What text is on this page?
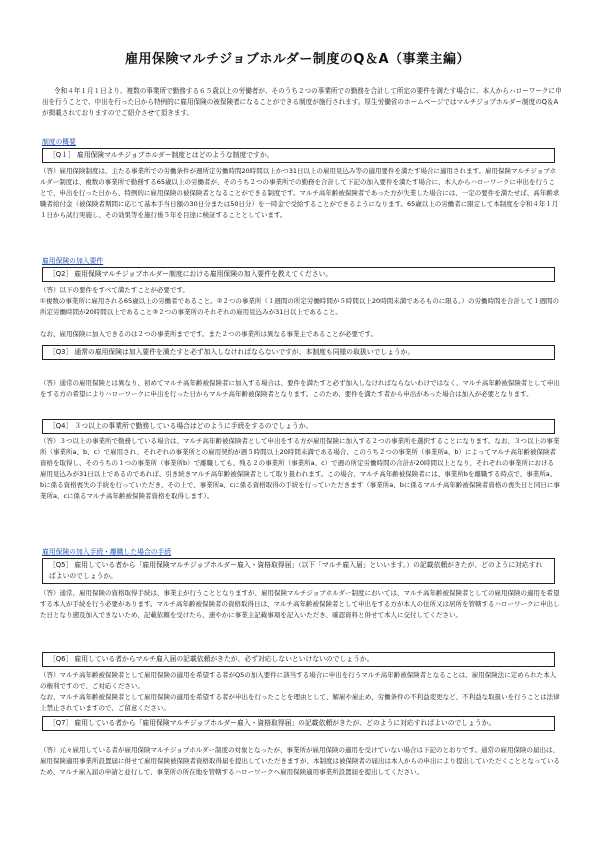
雇用保険マルチジョブホルダー制度のQ＆A（事業主編）

令和４年１月１日より、複数の事業所で勤務する６５歳以上の労働者が、そのうち２つの事業所での勤務を合計して所定の要件を満たす場合に、本人からハローワークに申出を行うことで、申出を行った日から特例的に雇用保険の被保険者になることができる制度が施行されます。厚生労働省のホームページではマルチジョブホルダー制度のQ＆Aが掲載されておりますのでご紹介させて頂きます。

制度の概要
［Q１］ 雇用保険マルチジョブホルダー制度とはどのような制度ですか。

（答）雇用保険制度は、主たる事業所での労働条件が週所定労働時間20時間以上かつ31日以上の雇用見込み等の適用要件を満たす場合に適用されます。雇用保険マルチジョブホルダー制度は、複数の事業所で勤務する65歳以上の労働者が、そのうち２つの事業所での勤務を合計して下記の加入要件を満たす場合に、本人からハローワークに申出を行うことで、申出を行った日から、特例的に雇用保険の被保険者となることができる制度です。マルチ高年齢被保険者であった方が失業した場合には、一定の要件を満たせば、高年齢求職者給付金（被保険者期間に応じて基本手当日額の30日分または50日分）を一時金で受給することができるようになります。65歳以上の労働者に限定して本制度を令和４年１月１日から試行実施し、その効果等を施行後５年を目途に検証することとしています。

雇用保険の加入要件
［Q2］ 雇用保険マルチジョブホルダー制度における雇用保険の加入要件を教えてください。

（答）以下の要件をすべて満たすことが必要です。

①複数の事業所に雇用される65歳以上の労働者であること。②２つの事業所（１週間の所定労働時間が５時間以上20時間未満であるものに限る。）の労働時間を合計して１週間の所定労働時間が20時間以上であること③２つの事業所のそれぞれの雇用見込みが31日以上であること。

なお、雇用保険に加入できるのは２つの事業所までです。また２つの事業所は異なる事業主であることが必要です。

［Q3］ 通常の雇用保険は加入要件を満たすと必ず加入しなければならないですが、本制度も同様の取扱いでしょうか。

（答）通常の雇用保険とは異なり、初めてマルチ高年齢被保険者に加入する場合は、要件を満たすと必ず加入しなければならないわけではなく、マルチ高年齢被保険者として申出をする方の希望によりハローワークに申出を行った日からマルチ高年齢被保険者となります。このため、要件を満たす者から申出があった場合は加入が必要となります。

［Q4］ ３つ以上の事業所で勤務している場合はどのように手続をするのでしょうか。

（答）３つ以上の事業所で勤務している場合は、マルチ高年齢被保険者として申出をする方が雇用保険に加入する２つの事業所を選択することになります。なお、３つ以上の事業所（事業所a、b、c）で雇用され、それぞれの事業所との雇用契約が週５時間以上20時間未満である場合、このうち２つの事業所（事業所a、b）によってマルチ高年齢被保険者資格を取得し、そのうちの１つの事業所（事業所b）で離職しても、残る２の事業所（事業所a、c）で週の所定労働時間の合計が20時間以上となり、それぞれの事業所における雇用見込みが31日以上であるのであれば、引き続きマルチ高年齢被保険者として取り扱われます。この場合、マルチ高年齢被保険者には、事業所bを離職する時点で、事業所a、bに係る資格喪失の手続を行っていただき、その上で、事業所a、cに係る資格取得の手続を行っていただきます（事業所a、bに係るマルチ高年齢被保険者資格の喪失日と同日に事業所a、cに係るマルチ高年齢被保険者資格を取得します）。

雇用保険の加入手続・離職した場合の手続
［Q5］ 雇用している者から「雇用保険マルチジョブホルダー雇入・資格取得届」（以下「マルチ雇入届」といいます。）の記載依頼がきたが、どのように対応すればよいのでしょうか。

（答）通常、雇用保険の資格取得手続は、事業主が行うこととなりますが、雇用保険マルチジョブホルダー制度においては、マルチ高年齢被保険者としての雇用保険の適用を希望する本人が手続を行う必要があります。マルチ高年齢被保険者の資格取得日は、マルチ高年齢被保険者として申出をする方が本人の住所又は居所を管轄するハローワークに申出した日となり遡及加入できないため、記載依頼を受けたら、速やかに事業主記載事項を記入いただき、確認資料と併せて本人に交付してください。

［Q6］ 雇用している者からマルチ雇入届の記載依頼がきたが、必ず対応しないといけないのでしょうか。

（答）マルチ高年齢被保険者として雇用保険の適用を希望する者がQ5の加入要件に該当する場合に申出を行うマルチ高年齢被保険者となることは、雇用保険法に定められた本人の権利ですので、ご対応ください。

なお、マルチ高年齢被保険者として雇用保険の適用を希望する者が申出を行ったことを理由として、解雇や雇止め、労働条件の不利益変更など、不利益な取扱いを行うことは法律上禁止されていますので、ご留意ください。

［Q7］ 雇用している者から「雇用保険マルチジョブホルダー雇入・資格取得届」の記載依頼がきたが、どのように対応すればよいのでしょうか。

（答）元々雇用している者が雇用保険マルチジョブホルダー制度の対象となったが、事業所が雇用保険の適用を受けていない場合は下記のとおりです。通常の雇用保険の届出は、雇用保険適用事業所設置届に併せて雇用保険被保険者資格取得届を提出していただきますが、本制度は被保険者の届出は本人からの申出により提出していただくこととなっているため、マルチ雇入届の申請と並行して、事業所の所在地を管轄するハローワークへ雇用保険適用事業所設置届を提出してください。
